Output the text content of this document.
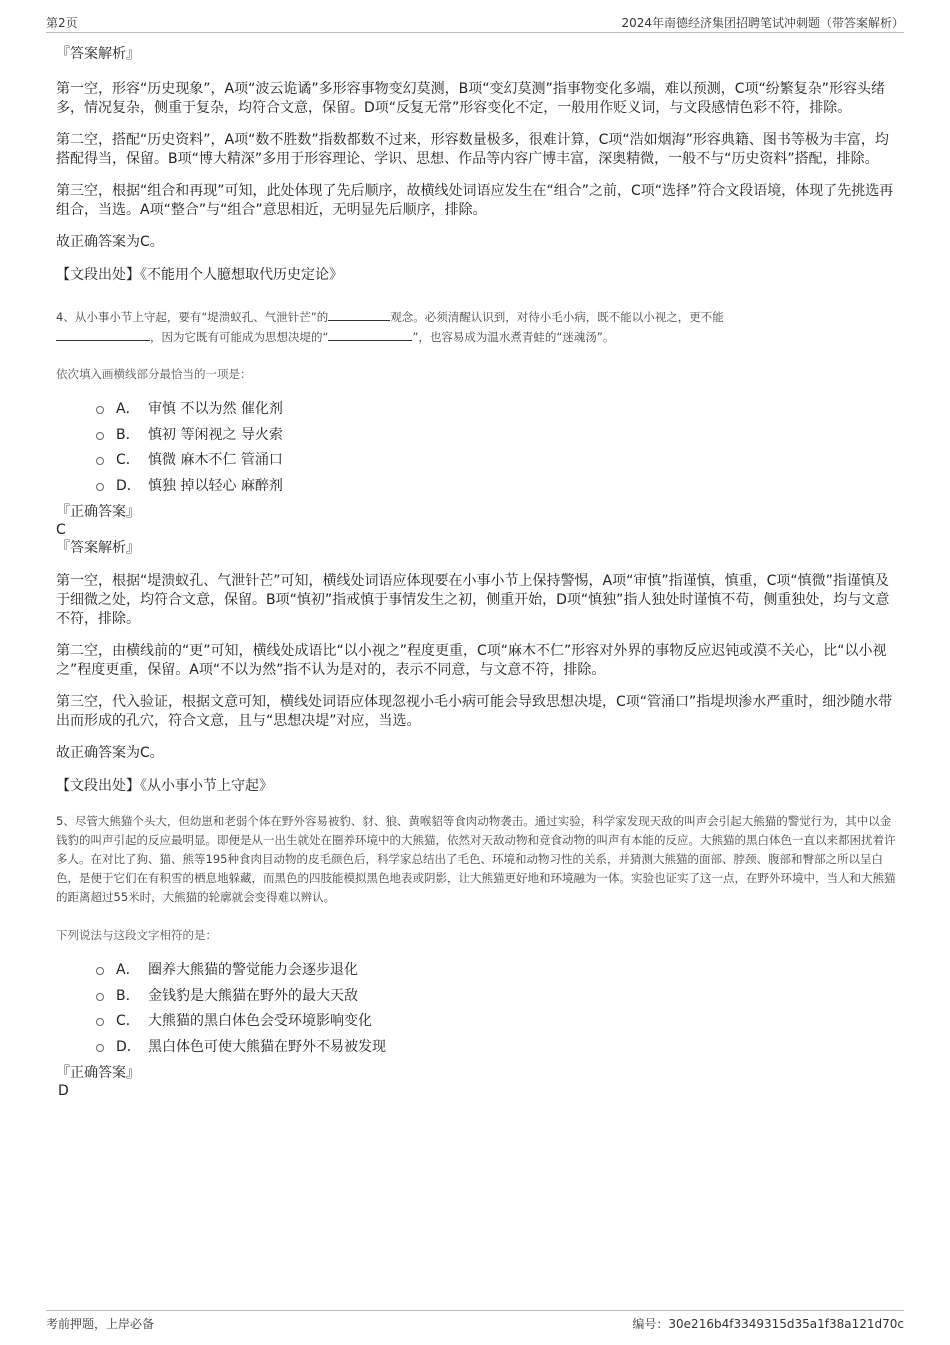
第2页	2024年南德经济集团招聘笔试冲刺题（带答案解析）

『答案解析』

第一空，形容“历史现象”，A项“波云诡谲”多形容事物变幻莫测，B项“变幻莫测”指事物变化多端，难以预测，C项“纷繁复杂”形容头绪多，情况复杂，侧重于复杂，均符合文意，保留。D项“反复无常”形容变化不定，一般用作贬义词，与文段感情色彩不符，排除。

第二空，搭配“历史资料”，A项“数不胜数”指数都数不过来，形容数量极多，很难计算，C项“浩如烟海”形容典籍、图书等极为丰富，均搭配得当，保留。B项“博大精深”多用于形容理论、学识、思想、作品等内容广博丰富，深奥精微，一般不与“历史资料”搭配，排除。

第三空，根据“组合和再现”可知，此处体现了先后顺序，故横线处词语应发生在“组合”之前，C项“选择”符合文段语境，体现了先挑选再组合，当选。A项“整合”与“组合”意思相近，无明显先后顺序，排除。

故正确答案为C。

【文段出处】《不能用个人臆想取代历史定论》

4、从小事小节上守起，要有“堤溃蚁孔、气泄针芒”的	观念。必须清醒认识到，对待小毛小病，既不能以小视之，更不能

，因为它既有可能成为思想决堤的“	”，也容易成为温水煮青蛙的“迷魂汤”。

依次填入画横线部分最恰当的一项是：

A． 审慎 不以为然 催化剂
B． 慎初 等闲视之 导火索
C． 慎微 麻木不仁 管涌口
D． 慎独 掉以轻心 麻醉剂

『正确答案』

C

『答案解析』

第一空，根据“堤溃蚁孔、气泄针芒”可知，横线处词语应体现要在小事小节上保持警惕，A项“审慎”指谨慎，慎重，C项“慎微”指谨慎及于细微之处，均符合文意，保留。B项“慎初”指戒慎于事情发生之初，侧重开始，D项“慎独”指人独处时谨慎不苟，侧重独处，均与文意不符，排除。

第二空，由横线前的“更”可知，横线处成语比“以小视之”程度更重，C项“麻木不仁”形容对外界的事物反应迟钝或漠不关心，比“以小视之”程度更重，保留。A项“不以为然”指不认为是对的，表示不同意，与文意不符，排除。

第三空，代入验证，根据文意可知，横线处词语应体现忽视小毛小病可能会导致思想决堤，C项“管涌口”指堤坝渗水严重时，细沙随水带出而形成的孔穴，符合文意，且与“思想决堤”对应，当选。

故正确答案为C。

【文段出处】《从小事小节上守起》

5、尽管大熊猫个头大，但幼崽和老弱个体在野外容易被豹、豺、狼、黄喉貂等食肉动物袭击。通过实验，科学家发现天敌的叫声会引起大熊猫的警觉行为，其中以金钱豹的叫声引起的反应最明显。即便是从一出生就处在圈养环境中的大熊猫，依然对天敌动物和竞食动物的叫声有本能的反应。大熊猫的黑白体色一直以来都困扰着许多人。在对比了狗、猫、熊等195种食肉目动物的皮毛颜色后，科学家总结出了毛色、环境和动物习性的关系，并猜测大熊猫的面部、脖颈、腹部和臀部之所以呈白色，是便于它们在有积雪的栖息地躲藏，而黑色的四肢能模拟黑色地表或阴影，让大熊猫更好地和环境融为一体。实验也证实了这一点，在野外环境中，当人和大熊猫的距离超过55米时，大熊猫的轮廓就会变得难以辨认。

下列说法与这段文字相符的是：

A． 圈养大熊猫的警觉能力会逐步退化
B． 金钱豹是大熊猫在野外的最大天敌
C． 大熊猫的黑白体色会受环境影响变化
D． 黑白体色可使大熊猫在野外不易被发现

『正确答案』

D

考前押题，上岸必备	编号：30e216b4f3349315d35a1f38a121d70c
